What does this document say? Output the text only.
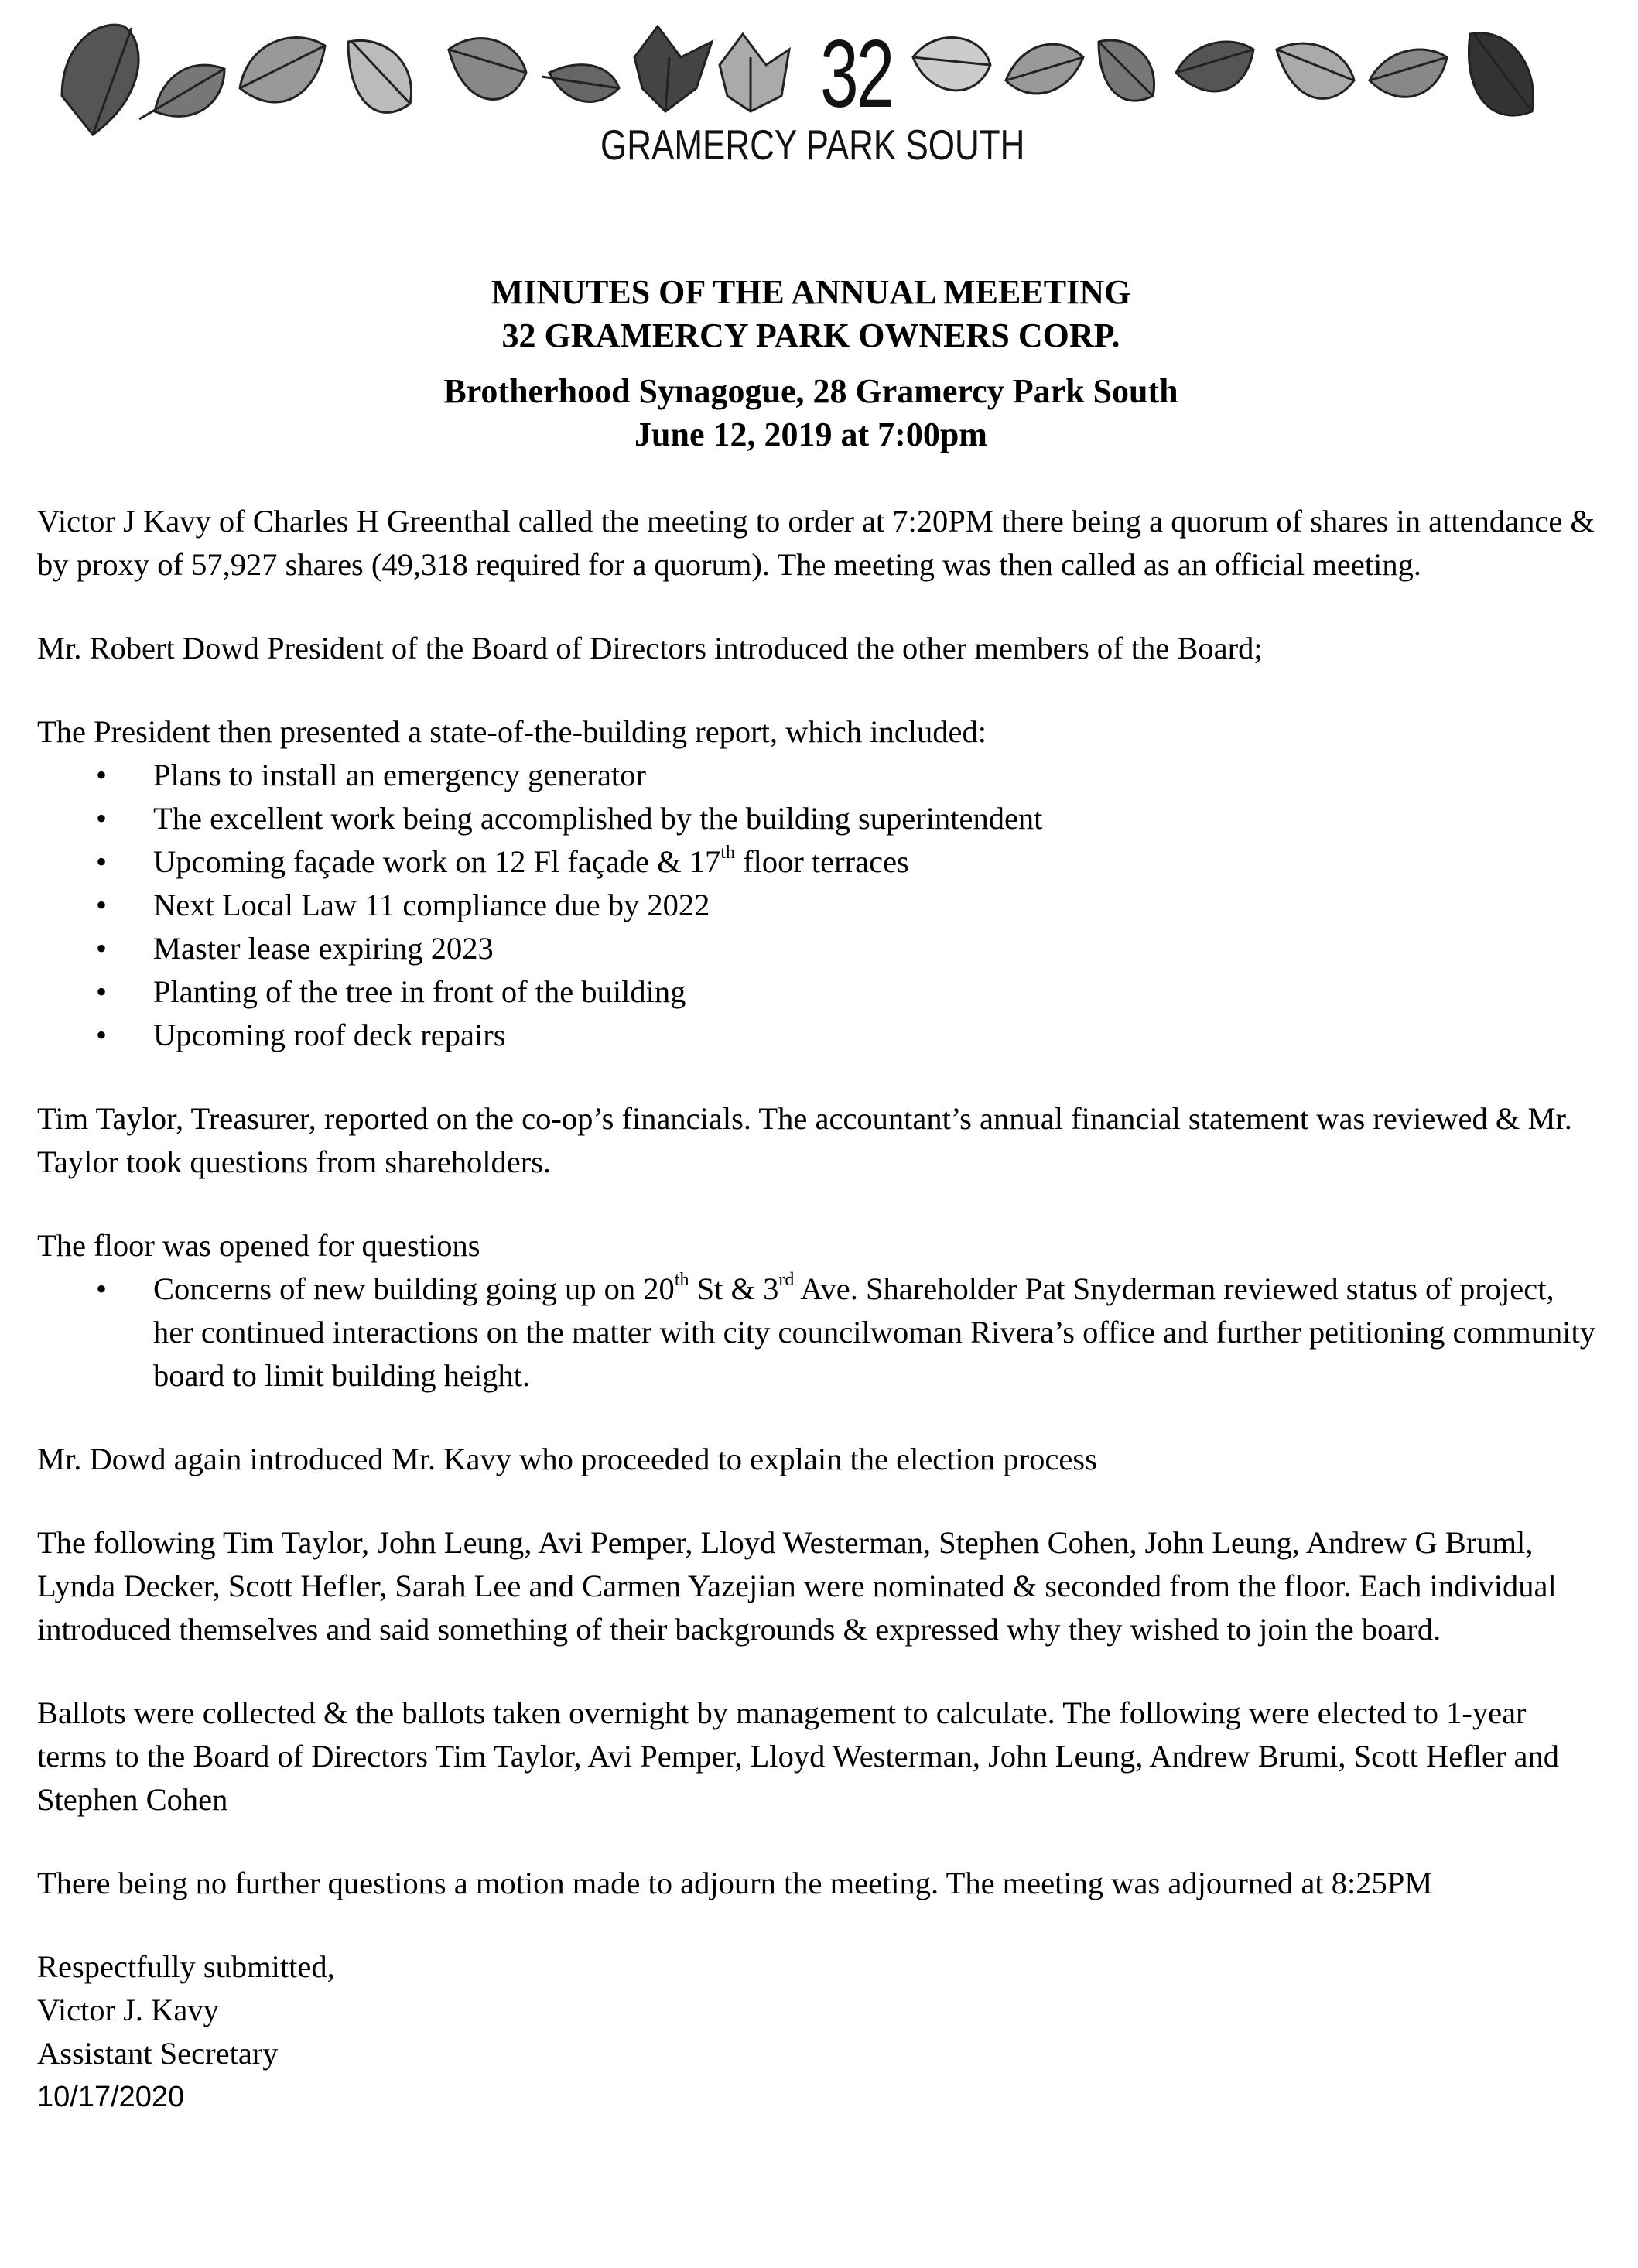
32
GRAMERCY PARK SOUTH
MINUTES OF THE ANNUAL MEEETING
32 GRAMERCY PARK OWNERS CORP.
Brotherhood Synagogue, 28 Gramercy Park South
June 12, 2019 at 7:00pm

Victor J Kavy of Charles H Greenthal called the meeting to order at 7:20PM there being a quorum of shares in attendance & by proxy of 57,927 shares (49,318 required for a quorum). The meeting was then called as an official meeting.

Mr. Robert Dowd President of the Board of Directors introduced the other members of the Board;

The President then presented a state-of-the-building report, which included:

• Plans to install an emergency generator
• The excellent work being accomplished by the building superintendent
• Upcoming façade work on 12 Fl façade & 17th floor terraces
• Next Local Law 11 compliance due by 2022
• Master lease expiring 2023
• Planting of the tree in front of the building
• Upcoming roof deck repairs

Tim Taylor, Treasurer, reported on the co-op’s financials. The accountant’s annual financial statement was reviewed & Mr. Taylor took questions from shareholders.

The floor was opened for questions

• Concerns of new building going up on 20th St & 3rd Ave. Shareholder Pat Snyderman reviewed status of project, her continued interactions on the matter with city councilwoman Rivera’s office and further petitioning community board to limit building height.

Mr. Dowd again introduced Mr. Kavy who proceeded to explain the election process

The following Tim Taylor, John Leung, Avi Pemper, Lloyd Westerman, Stephen Cohen, John Leung, Andrew G Bruml, Lynda Decker, Scott Hefler, Sarah Lee and Carmen Yazejian were nominated & seconded from the floor. Each individual introduced themselves and said something of their backgrounds & expressed why they wished to join the board.

Ballots were collected & the ballots taken overnight by management to calculate. The following were elected to 1-year terms to the Board of Directors Tim Taylor, Avi Pemper, Lloyd Westerman, John Leung, Andrew Brumi, Scott Hefler and Stephen Cohen

There being no further questions a motion made to adjourn the meeting. The meeting was adjourned at 8:25PM

Respectfully submitted,

Victor J. Kavy

Assistant Secretary

10/17/2020
